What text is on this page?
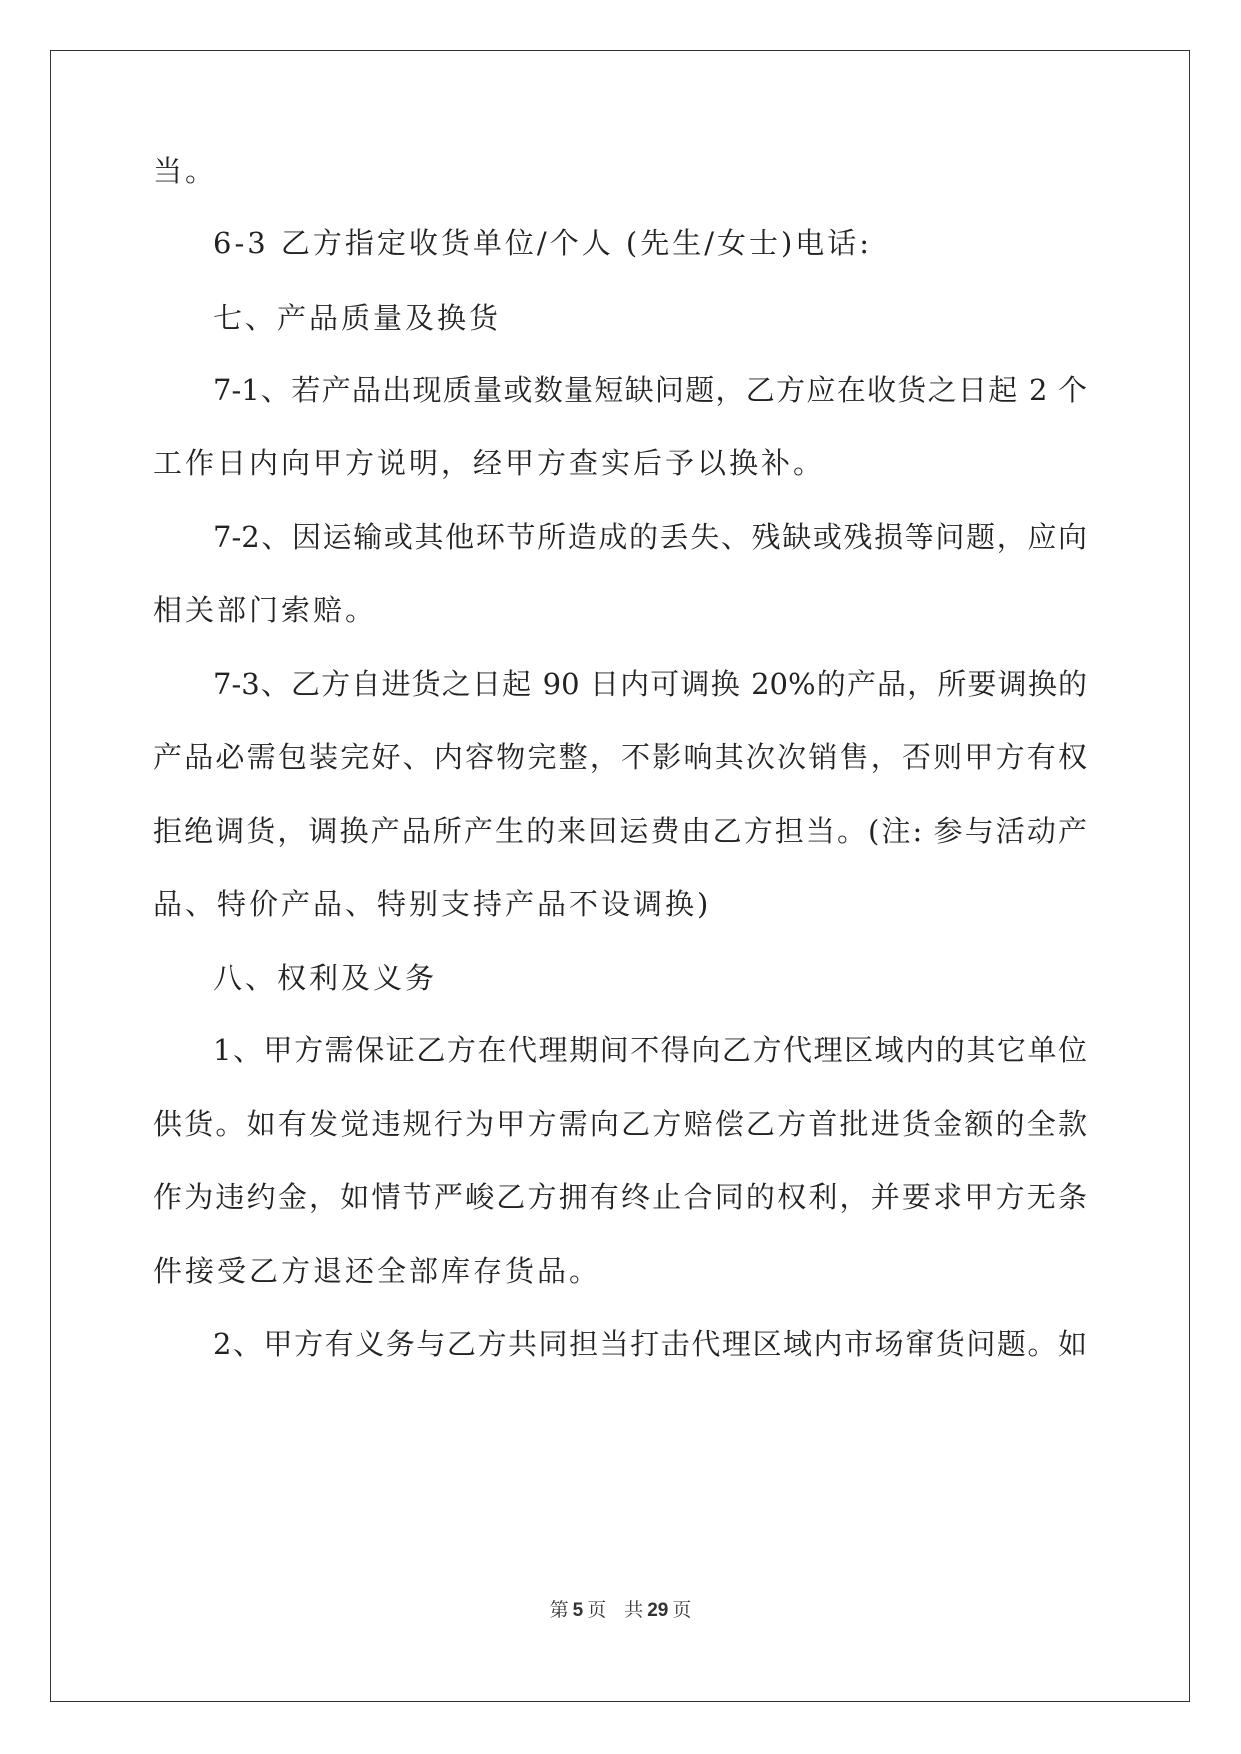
当。
6-3 乙方指定收货单位/个人 (先生/女士)电话:
七、产品质量及换货
7-1、若产品出现质量或数量短缺问题，乙方应在收货之日起 2 个
工作日内向甲方说明，经甲方查实后予以换补。
7-2、因运输或其他环节所造成的丢失、残缺或残损等问题，应向
相关部门索赔。
7-3、乙方自进货之日起 90 日内可调换 20%的产品，所要调换的
产品必需包装完好、内容物完整，不影响其次次销售，否则甲方有权
拒绝调货，调换产品所产生的来回运费由乙方担当。(注: 参与活动产
品、特价产品、特别支持产品不设调换)
八、权利及义务
1、甲方需保证乙方在代理期间不得向乙方代理区域内的其它单位
供货。如有发觉违规行为甲方需向乙方赔偿乙方首批进货金额的全款
作为违约金，如情节严峻乙方拥有终止合同的权利，并要求甲方无条
件接受乙方退还全部库存货品。
2、甲方有义务与乙方共同担当打击代理区域内市场窜货问题。如
第 5 页 共 29 页
